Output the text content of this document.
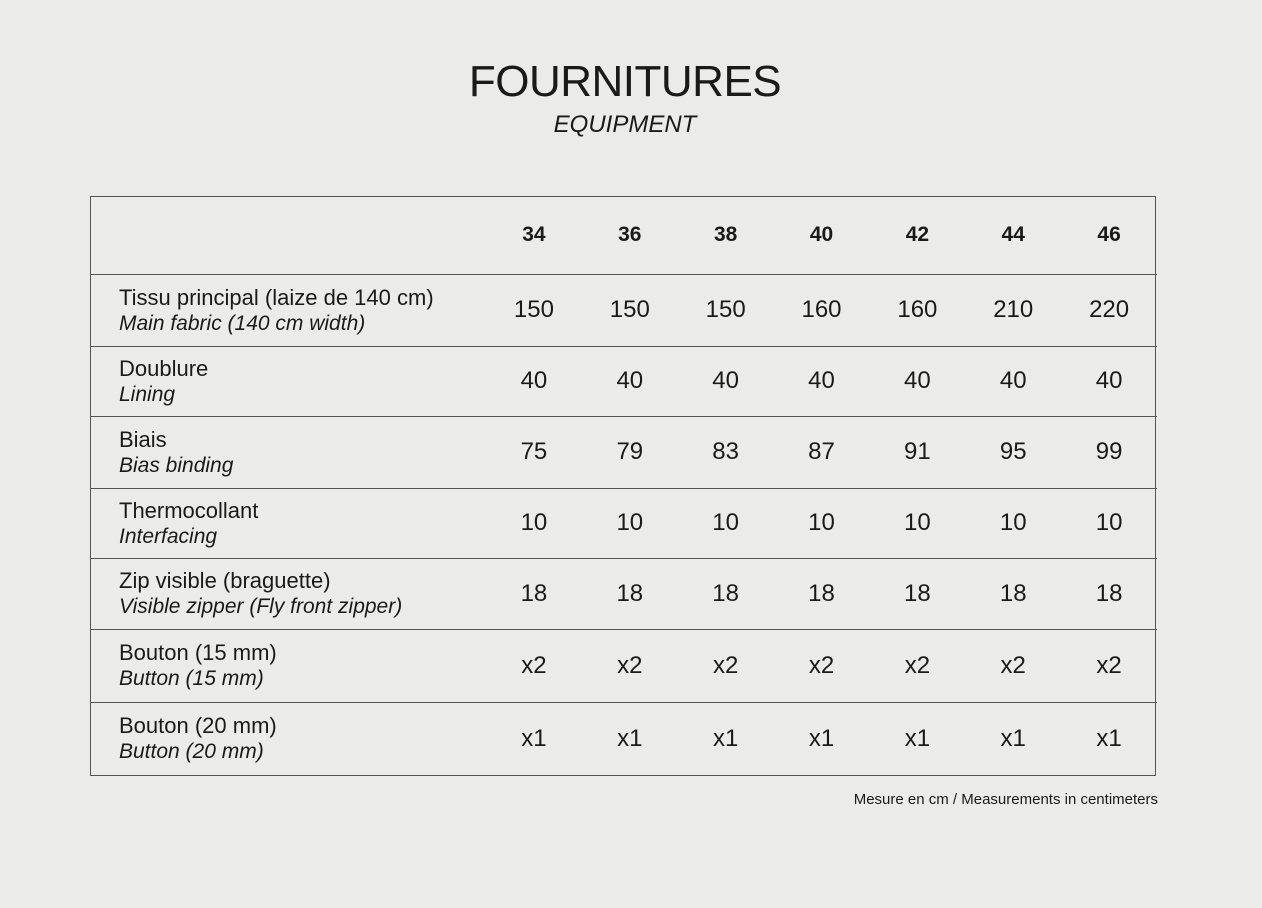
FOURNITURES
EQUIPMENT
	34	36	38	40	42	44	46

Tissu principal (laize de 140 cm)
Main fabric (140 cm width)	150	150	150	160	160	210	220

Doublure
Lining	40	40	40	40	40	40	40

Biais
Bias binding	75	79	83	87	91	95	99

Thermocollant
Interfacing	10	10	10	10	10	10	10

Zip visible (braguette)
Visible zipper (Fly front zipper)	18	18	18	18	18	18	18

Bouton (15 mm)
Button (15 mm)	x2	x2	x2	x2	x2	x2	x2

Bouton (20 mm)
Button (20 mm)	x1	x1	x1	x1	x1	x1	x1
Mesure en cm / Measurements in centimeters
